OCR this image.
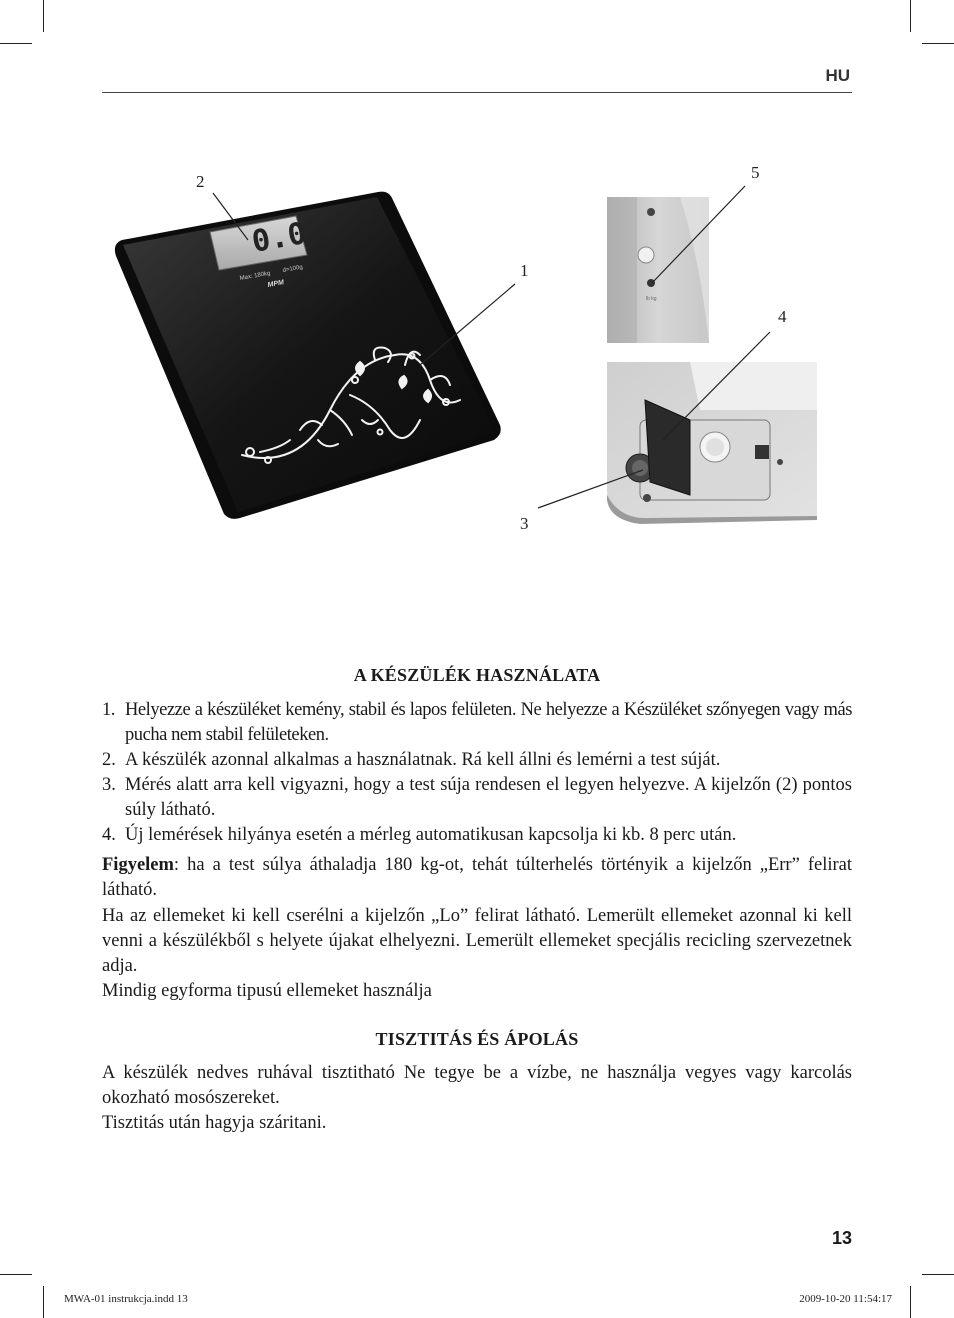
HU
0.0
Max: 180kg
d=100g
MPM
lb kg
1
2
3
4
5
A KÉSZÜLÉK HASZNÁLATA
1. Helyezze a készüléket kemény, stabil és lapos felületen. Ne helyezze a Készüléket szőnyegen vagy más pucha nem stabil felületeken.
2. A készülék azonnal alkalmas a használatnak. Rá kell állni és lemérni a test súját.
3. Mérés alatt arra kell vigyazni, hogy a test súja rendesen el legyen helyezve. A kijelzőn (2) pontos súly látható.
4. Új lemérések hilyánya esetén a mérleg automatikusan kapcsolja ki kb. 8 perc után.

Figyelem: ha a test súlya áthaladja 180 kg-ot, tehát túlterhelés történyik a kijelzőn „Err” felirat látható.

Ha az ellemeket ki kell cserélni a kijelzőn „Lo” felirat látható. Lemerült ellemeket azonnal ki kell venni a készülékből s helyete újakat elhelyezni. Lemerült ellemeket specjális recicling szervezetnek adja.

Mindig egyforma tipusú ellemeket használja

TISZTITÁS ÉS ÁPOLÁS

A készülék nedves ruhával tisztitható Ne tegye be a vízbe, ne használja vegyes vagy karcolás okozható mosószereket.

Tisztitás után hagyja száritani.

13
MWA-01 instrukcja.indd 13	2009-10-20 11:54:17
